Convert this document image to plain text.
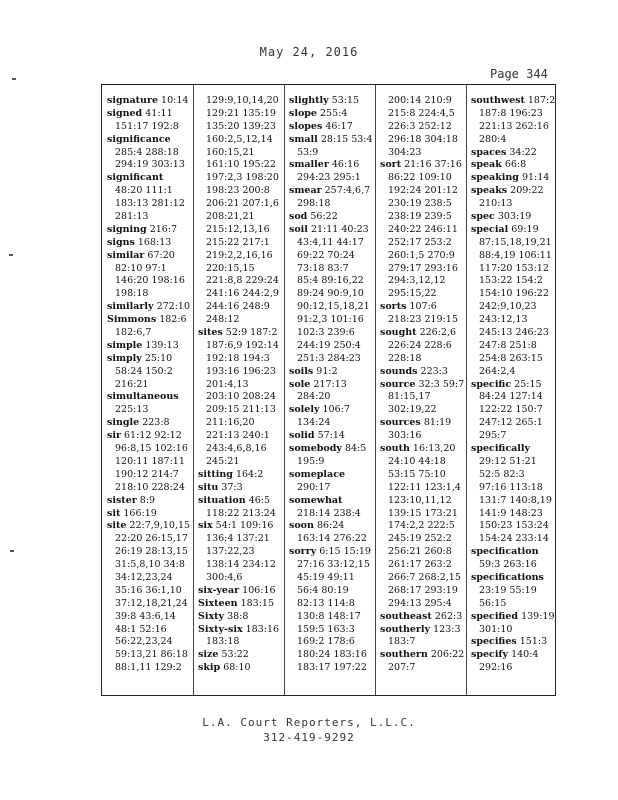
May 24, 2016
Page 344
signature 10:14
signed 41:11
151:17 192:8
significance
285:4 288:18
294:19 303:13
significant
48:20 111:1
183:13 281:12
281:13
signing 216:7
signs 168:13
similar 67:20
82:10 97:1
146:20 198:16
198:18
similarly 272:10
Simmons 182:6
182:6,7
simple 139:13
simply 25:10
58:24 150:2
216:21
simultaneous
225:13
single 223:8
sir 61:12 92:12
96:8,15 102:16
120:11 187:11
190:12 214:7
218:10 228:24
sister 8:9
sit 166:19
site 22:7,9,10,15
22:20 26:15,17
26:19 28:13,15
31:5,8,10 34:8
34:12,23,24
35:16 36:1,10
37:12,18,21,24
39:8 43:6,14
48:1 52:16
56:22,23,24
59:13,21 86:18
88:1,11 129:2
129:9,10,14,20
129:21 135:19
135:20 139:23
160:2,5,12,14
160:15,21
161:10 195:22
197:2,3 198:20
198:23 200:8
206:21 207:1,6
208:21,21
215:12,13,16
215:22 217:1
219:2,2,16,16
220:15,15
221:8,8 229:24
241:16 244:2,9
244:16 248:9
248:12
sites 52:9 187:2
187:6,9 192:14
192:18 194:3
193:16 196:23
201:4,13
203:10 208:24
209:15 211:13
211:16,20
221:13 240:1
243:4,6,8,16
245:21
sitting 164:2
situ 37:3
situation 46:5
118:22 213:24
six 54:1 109:16
136:4 137:21
137:22,23
138:14 234:12
300:4,6
six-year 106:16
Sixteen 183:15
Sixty 38:8
Sixty-six 183:16
183:18
size 53:22
skip 68:10
slightly 53:15
slope 255:4
slopes 46:17
small 28:15 53:4
53:9
smaller 46:16
294:23 295:1
smear 257:4,6,7
298:18
sod 56:22
soil 21:11 40:23
43:4,11 44:17
69:22 70:24
73:18 83:7
85:4 89:16,22
89:24 90:9,10
90:12,15,18,21
91:2,3 101:16
102:3 239:6
244:19 250:4
251:3 284:23
soils 91:2
sole 217:13
284:20
solely 106:7
134:24
solid 57:14
somebody 84:5
195:9
someplace
290:17
somewhat
218:14 238:4
soon 86:24
163:14 276:22
sorry 6:15 15:19
27:16 33:12,15
45:19 49:11
56:4 80:19
82:13 114:8
130:8 148:17
159:5 163:3
169:2 178:6
180:24 183:16
183:17 197:22
200:14 210:9
215:8 224:4,5
226:3 252:12
296:18 304:18
304:23
sort 21:16 37:16
86:22 109:10
192:24 201:12
230:19 238:5
238:19 239:5
240:22 246:11
252:17 253:2
260:1,5 270:9
279:17 293:16
294:3,12,12
295:15,22
sorts 107:6
218:23 219:15
sought 226:2,6
226:24 228:6
228:18
sounds 223:3
source 32:3 59:7
81:15,17
302:19,22
sources 81:19
303:16
south 16:13,20
24:10 44:18
53:15 75:10
122:11 123:1,4
123:10,11,12
139:15 173:21
174:2,2 222:5
245:19 252:2
256:21 260:8
261:17 263:2
266:7 268:2,15
268:17 293:19
294:13 295:4
southeast 262:3
southerly 123:3
183:7
southern 206:22
207:7
southwest 187:2
187:8 196:23
221:13 262:16
280:4
spaces 34:22
speak 66:8
speaking 91:14
speaks 209:22
210:13
spec 303:19
special 69:19
87:15,18,19,21
88:4,19 106:11
117:20 153:12
153:22 154:2
154:10 196:22
242:9,10,23
243:12,13
245:13 246:23
247:8 251:8
254:8 263:15
264:2,4
specific 25:15
84:24 127:14
122:22 150:7
247:12 265:1
295:7
specifically
29:12 51:21
52:5 82:3
97:16 113:18
131:7 140:8,19
141:9 148:23
150:23 153:24
154:24 233:14
specification
59:3 263:16
specifications
23:19 55:19
56:15
specified 139:19
301:10
specifies 151:3
specify 140:4
292:16
L.A. Court Reporters, L.L.C.
312-419-9292
